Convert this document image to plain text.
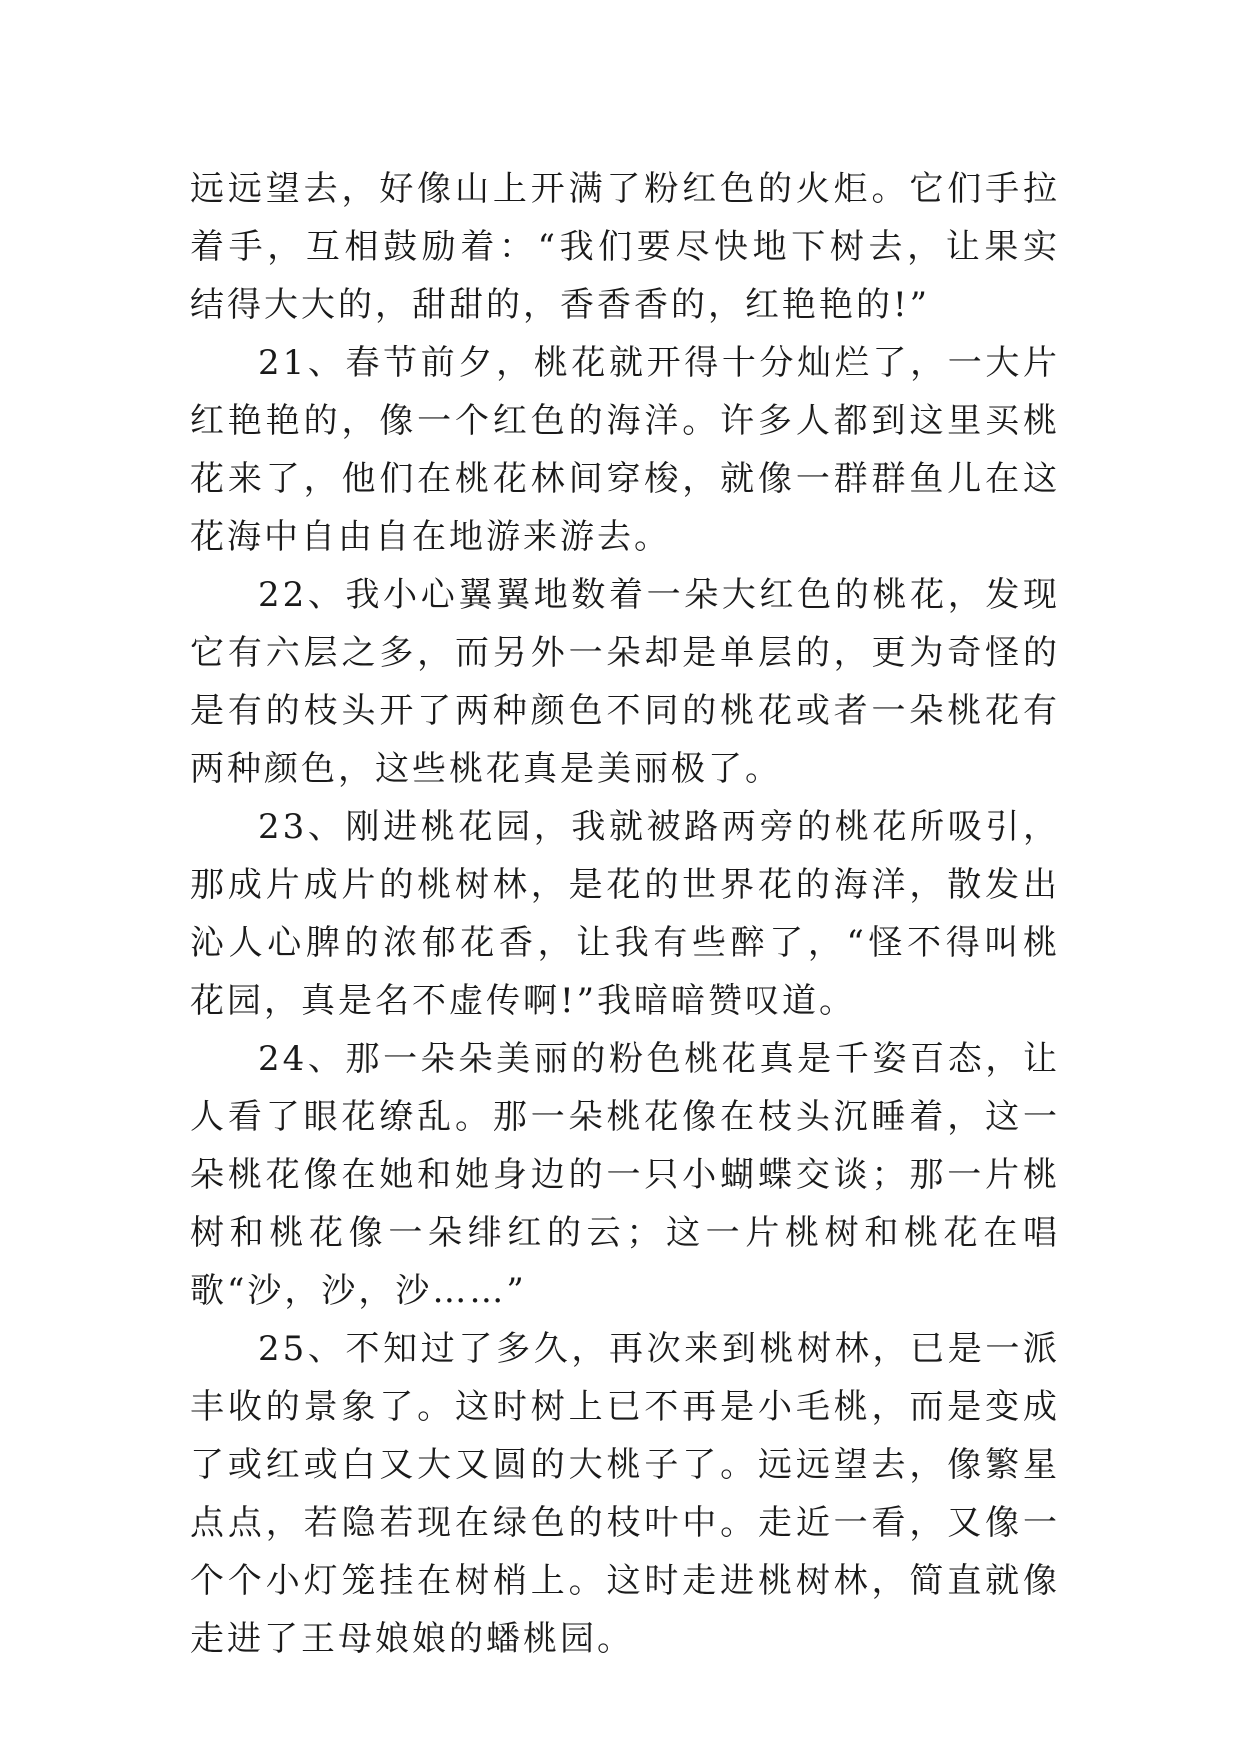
远远望去，好像山上开满了粉红色的火炬。它们手拉着手，互相鼓励着：“我们要尽快地下树去，让果实结得大大的，甜甜的，香香香的，红艳艳的!”

21、春节前夕，桃花就开得十分灿烂了，一大片红艳艳的，像一个红色的海洋。许多人都到这里买桃花来了，他们在桃花林间穿梭，就像一群群鱼儿在这花海中自由自在地游来游去。

22、我小心翼翼地数着一朵大红色的桃花，发现它有六层之多，而另外一朵却是单层的，更为奇怪的是有的枝头开了两种颜色不同的桃花或者一朵桃花有两种颜色，这些桃花真是美丽极了。

23、刚进桃花园，我就被路两旁的桃花所吸引，那成片成片的桃树林，是花的世界花的海洋，散发出沁人心脾的浓郁花香，让我有些醉了，“怪不得叫桃花园，真是名不虚传啊!”我暗暗赞叹道。

24、那一朵朵美丽的粉色桃花真是千姿百态，让人看了眼花缭乱。那一朵桃花像在枝头沉睡着，这一朵桃花像在她和她身边的一只小蝴蝶交谈；那一片桃树和桃花像一朵绯红的云；这一片桃树和桃花在唱歌“沙，沙，沙……”

25、不知过了多久，再次来到桃树林，已是一派丰收的景象了。这时树上已不再是小毛桃，而是变成了或红或白又大又圆的大桃子了。远远望去，像繁星点点，若隐若现在绿色的枝叶中。走近一看，又像一个个小灯笼挂在树梢上。这时走进桃树林，简直就像走进了王母娘娘的蟠桃园。
